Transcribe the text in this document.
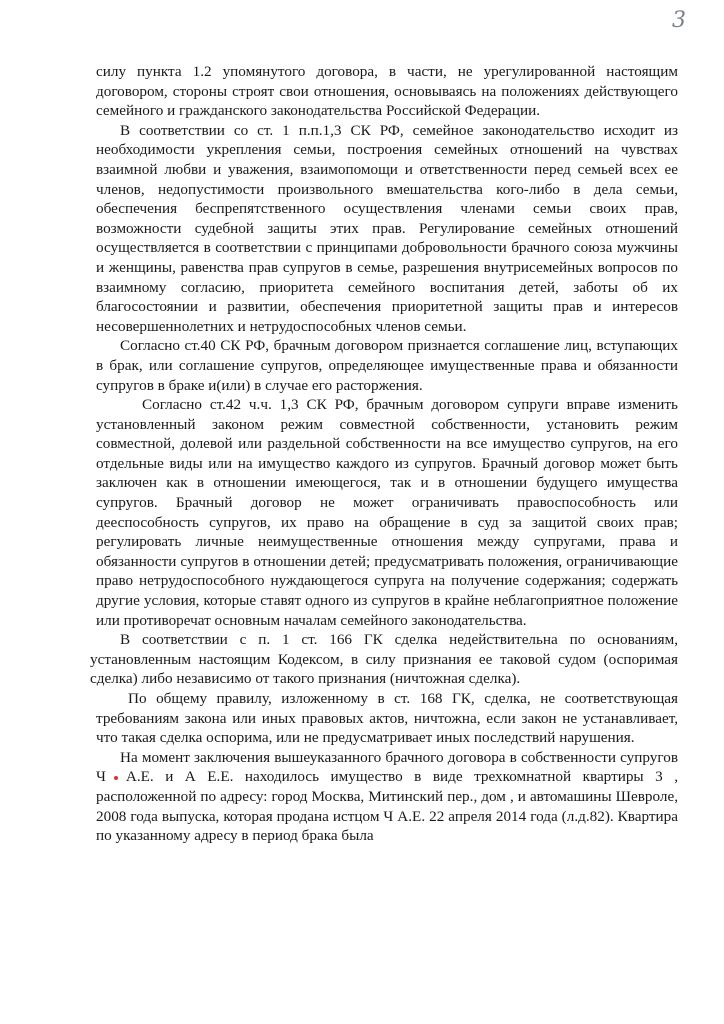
3

силу пункта 1.2 упомянутого договора, в части, не урегулированной настоящим договором, стороны строят свои отношения, основываясь на положениях действующего семейного и гражданского законодательства Российской Федерации.

В соответствии со ст. 1 п.п.1,3 СК РФ, семейное законодательство исходит из необходимости укрепления семьи, построения семейных отношений на чувствах взаимной любви и уважения, взаимопомощи и ответственности перед семьей всех ее членов, недопустимости произвольного вмешательства кого-либо в дела семьи, обеспечения беспрепятственного осуществления членами семьи своих прав, возможности судебной защиты этих прав. Регулирование семейных отношений осуществляется в соответствии с принципами добровольности брачного союза мужчины и женщины, равенства прав супругов в семье, разрешения внутрисемейных вопросов по взаимному согласию, приоритета семейного воспитания детей, заботы об их благосостоянии и развитии, обеспечения приоритетной защиты прав и интересов несовершеннолетних и нетрудоспособных членов семьи.

Согласно ст.40 СК РФ, брачным договором признается соглашение лиц, вступающих в брак, или соглашение супругов, определяющее имущественные права и обязанности супругов в браке и(или) в случае его расторжения.

Согласно ст.42 ч.ч. 1,3 СК РФ, брачным договором супруги вправе изменить установленный законом режим совместной собственности, установить режим совместной, долевой или раздельной собственности на все имущество супругов, на его отдельные виды или на имущество каждого из супругов. Брачный договор может быть заключен как в отношении имеющегося, так и в отношении будущего имущества супругов. Брачный договор не может ограничивать правоспособность или дееспособность супругов, их право на обращение в суд за защитой своих прав; регулировать личные неимущественные отношения между супругами, права и обязанности супругов в отношении детей; предусматривать положения, ограничивающие право нетрудоспособного нуждающегося супруга на получение содержания; содержать другие условия, которые ставят одного из супругов в крайне неблагоприятное положение или противоречат основным началам семейного законодательства.

В соответствии с п. 1 ст. 166 ГК сделка недействительна по основаниям, установленным настоящим Кодексом, в силу признания ее таковой судом (оспоримая сделка) либо независимо от такого признания (ничтожная сделка).

По общему правилу, изложенному в ст. 168 ГК, сделка, не соответствующая требованиям закона или иных правовых актов, ничтожна, если закон не устанавливает, что такая сделка оспорима, или не предусматривает иных последствий нарушения.

На момент заключения вышеуказанного брачного договора в собственности супругов Ч А.Е. и А Е.Е. находилось имущество в виде трехкомнатной квартиры 3 , расположенной по адресу: город Москва, Митинский пер., дом , и автомашины Шевроле, 2008 года выпуска, которая продана истцом Ч А.Е. 22 апреля 2014 года (л.д.82). Квартира по указанному адресу в период брака была
